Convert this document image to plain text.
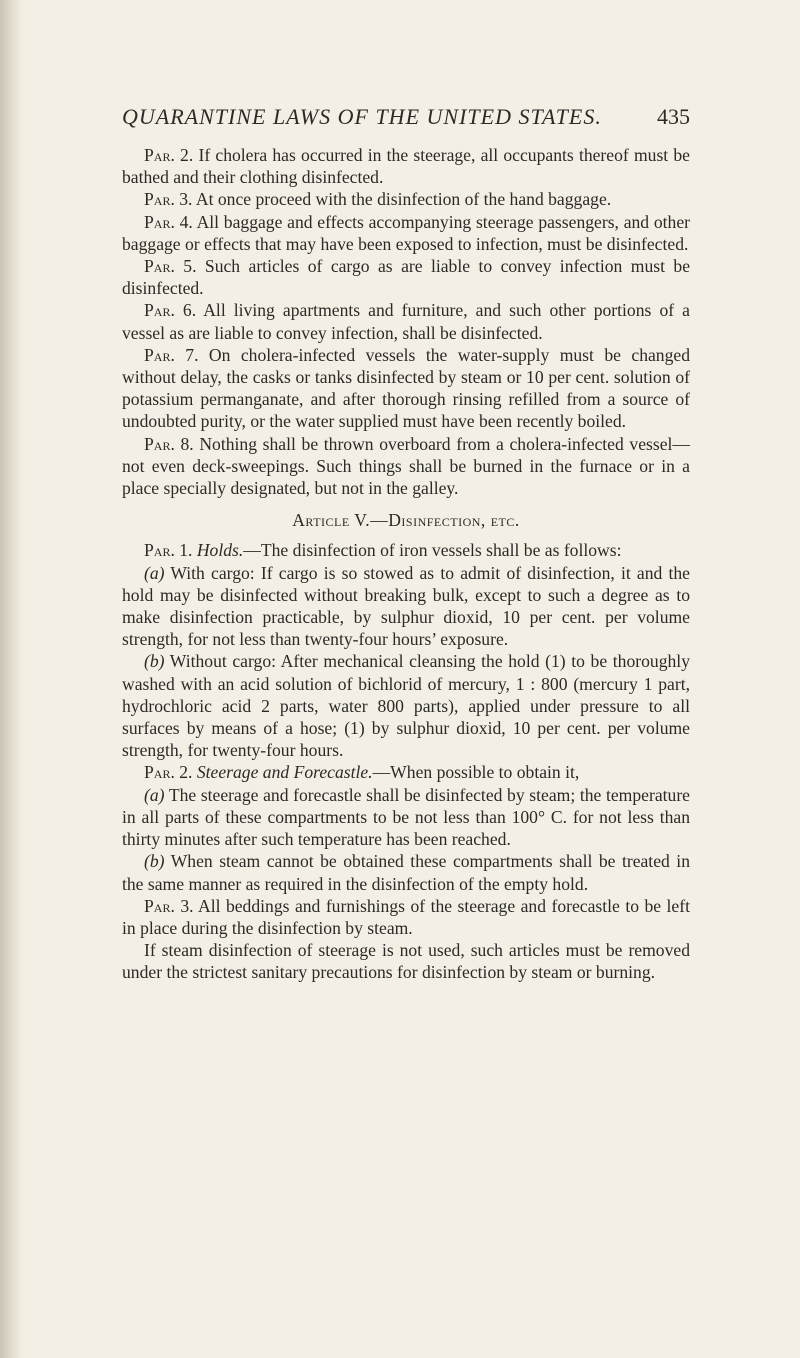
QUARANTINE LAWS OF THE UNITED STATES.	435

Par. 2. If cholera has occurred in the steerage, all occupants thereof must be bathed and their clothing disinfected.

Par. 3. At once proceed with the disinfection of the hand baggage.

Par. 4. All baggage and effects accompanying steerage passengers, and other baggage or effects that may have been exposed to infection, must be disinfected.

Par. 5. Such articles of cargo as are liable to convey infection must be disinfected.

Par. 6. All living apartments and furniture, and such other portions of a vessel as are liable to convey infection, shall be disinfected.

Par. 7. On cholera-infected vessels the water-supply must be changed without delay, the casks or tanks disinfected by steam or 10 per cent. solution of potassium permanganate, and after thorough rinsing refilled from a source of undoubted purity, or the water supplied must have been recently boiled.

Par. 8. Nothing shall be thrown overboard from a cholera-infected vessel—not even deck-sweepings. Such things shall be burned in the furnace or in a place specially designated, but not in the galley.

Article V.—Disinfection, etc.

Par. 1. Holds.—The disinfection of iron vessels shall be as follows:

(a) With cargo: If cargo is so stowed as to admit of disinfection, it and the hold may be disinfected without breaking bulk, except to such a degree as to make disinfection practicable, by sulphur dioxid, 10 per cent. per volume strength, for not less than twenty-four hours’ exposure.

(b) Without cargo: After mechanical cleansing the hold (1) to be thoroughly washed with an acid solution of bichlorid of mercury, 1 : 800 (mercury 1 part, hydrochloric acid 2 parts, water 800 parts), applied under pressure to all surfaces by means of a hose; (1) by sulphur dioxid, 10 per cent. per volume strength, for twenty-four hours.

Par. 2. Steerage and Forecastle.—When possible to obtain it,

(a) The steerage and forecastle shall be disinfected by steam; the temperature in all parts of these compartments to be not less than 100° C. for not less than thirty minutes after such temperature has been reached.

(b) When steam cannot be obtained these compartments shall be treated in the same manner as required in the disinfection of the empty hold.

Par. 3. All beddings and furnishings of the steerage and forecastle to be left in place during the disinfection by steam.

If steam disinfection of steerage is not used, such articles must be removed under the strictest sanitary precautions for disinfection by steam or burning.
